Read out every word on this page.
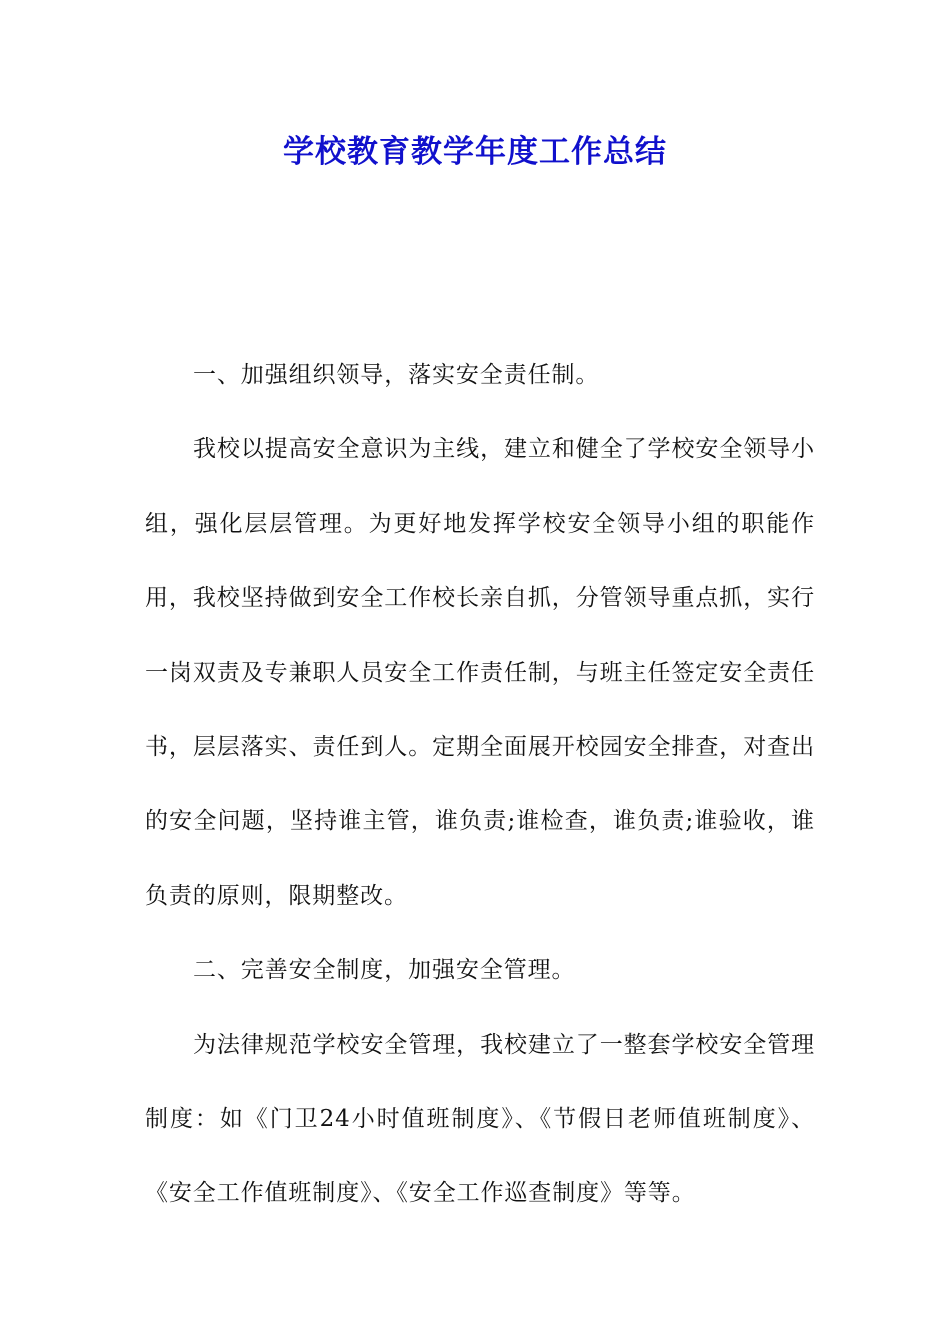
学校教育教学年度工作总结

一、加强组织领导，落实安全责任制。

我校以提高安全意识为主线，建立和健全了学校安全领导小组，强化层层管理。为更好地发挥学校安全领导小组的职能作用，我校坚持做到安全工作校长亲自抓，分管领导重点抓，实行一岗双责及专兼职人员安全工作责任制，与班主任签定安全责任书，层层落实、责任到人。定期全面展开校园安全排查，对查出的安全问题，坚持谁主管，谁负责;谁检查，谁负责;谁验收，谁负责的原则，限期整改。

二、完善安全制度，加强安全管理。

为法律规范学校安全管理，我校建立了一整套学校安全管理制度：如《门卫24小时值班制度》、《节假日老师值班制度》、《安全工作值班制度》、《安全工作巡查制度》等等。
